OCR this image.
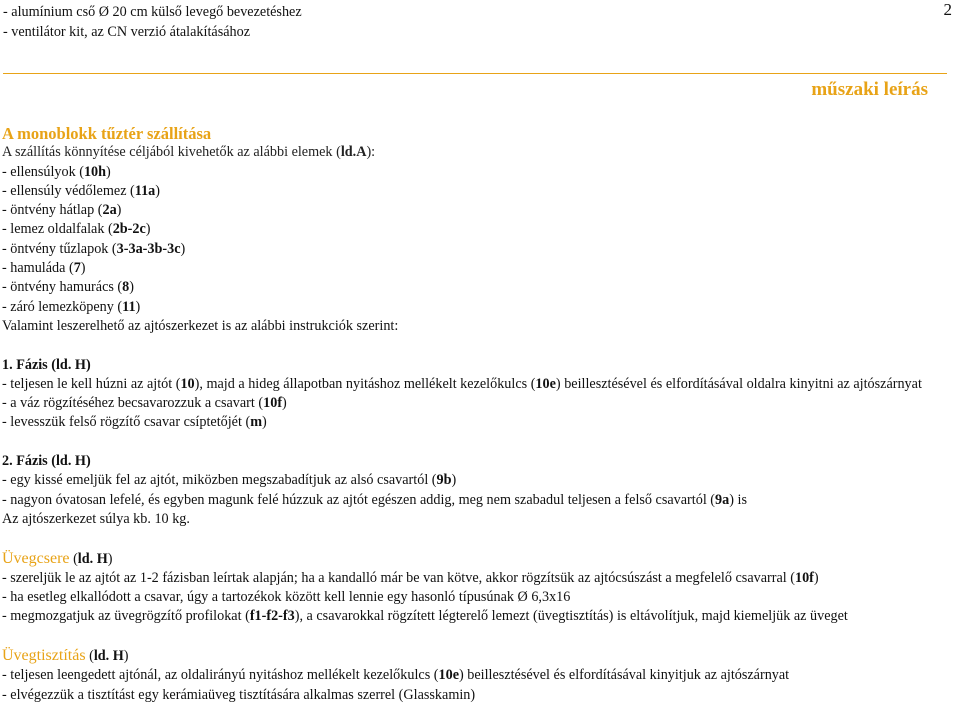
2
- alumínium cső Ø 20 cm külső levegő bevezetéshez
- ventilátor kit, az CN verzió átalakításához
műszaki leírás
A monoblokk tűztér szállítása
A szállítás könnyítése céljából kivehetők az alábbi elemek (ld.A):
- ellensúlyok (10h)
- ellensúly védőlemez (11a)
- öntvény hátlap (2a)
- lemez oldalfalak (2b-2c)
- öntvény tűzlapok (3-3a-3b-3c)
- hamuláda (7)
- öntvény hamurács (8)
- záró lemezköpeny (11)
Valamint leszerelhető az ajtószerkezet is az alábbi instrukciók szerint:
1. Fázis (ld. H)
- teljesen le kell húzni az ajtót (10), majd a hideg állapotban nyitáshoz mellékelt kezelőkulcs (10e) beillesztésével és elfordításával oldalra kinyitni az ajtószárnyat
- a váz rögzítéséhez becsavarozzuk a csavart (10f)
- levesszük felső rögzítő csavar csíptetőjét (m)
2. Fázis (ld. H)
- egy kissé emeljük fel az ajtót, miközben megszabadítjuk az alsó csavartól (9b)
- nagyon óvatosan lefelé, és egyben magunk felé húzzuk az ajtót egészen addig, meg nem szabadul teljesen a felső csavartól (9a) is
Az ajtószerkezet súlya kb. 10 kg.
Üvegcsere (ld. H)
- szereljük le az ajtót az 1-2 fázisban leírtak alapján; ha a kandalló már be van kötve, akkor rögzítsük az ajtócsúszást a megfelelő csavarral (10f)
- ha esetleg elkallódott a csavar, úgy a tartozékok között kell lennie egy hasonló típusúnak Ø 6,3x16
- megmozgatjuk az üvegrögzítő profilokat (f1-f2-f3), a csavarokkal rögzített légterelő lemezt (üvegtisztítás) is eltávolítjuk, majd kiemeljük az üveget
Üvegtisztítás (ld. H)
- teljesen leengedett ajtónál, az oldalirányú nyitáshoz mellékelt kezelőkulcs (10e) beillesztésével és elfordításával kinyitjuk az ajtószárnyat
- elvégezzük a tisztítást egy kerámiaüveg tisztítására alkalmas szerrel (Glasskamin)
